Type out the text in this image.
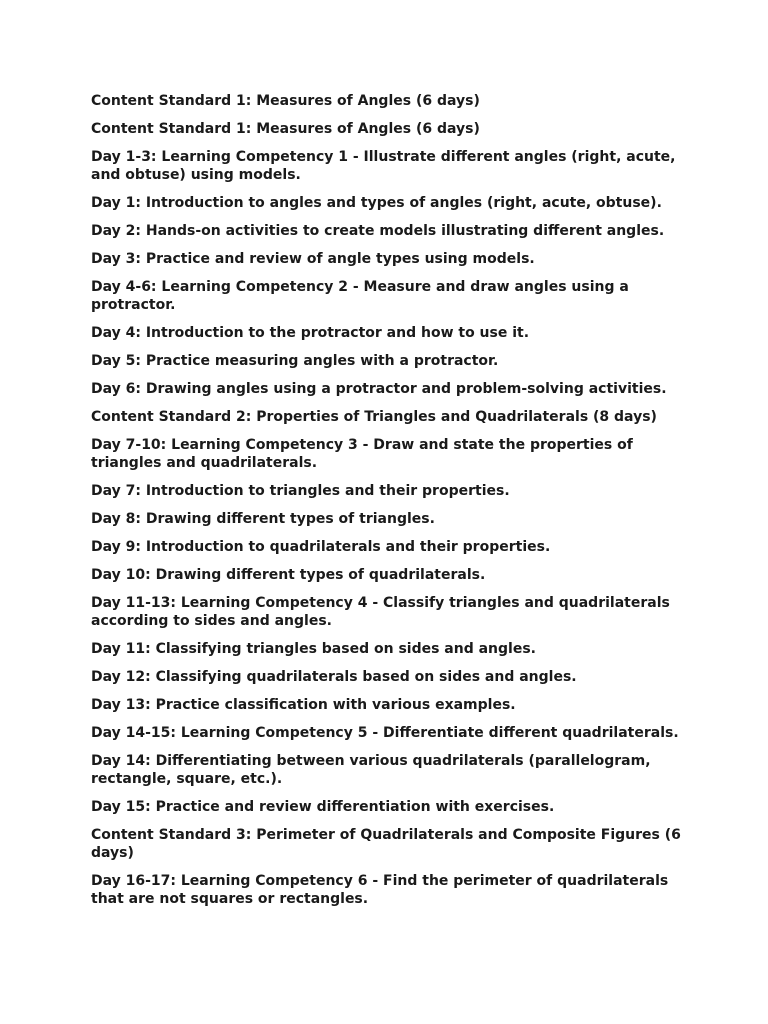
Content Standard 1: Measures of Angles (6 days)

Content Standard 1: Measures of Angles (6 days)

Day 1-3: Learning Competency 1 - Illustrate different angles (right, acute, and obtuse) using models.

Day 1: Introduction to angles and types of angles (right, acute, obtuse).

Day 2: Hands-on activities to create models illustrating different angles.

Day 3: Practice and review of angle types using models.

Day 4-6: Learning Competency 2 - Measure and draw angles using a protractor.

Day 4: Introduction to the protractor and how to use it.

Day 5: Practice measuring angles with a protractor.

Day 6: Drawing angles using a protractor and problem-solving activities.

Content Standard 2: Properties of Triangles and Quadrilaterals (8 days)

Day 7-10: Learning Competency 3 - Draw and state the properties of triangles and quadrilaterals.

Day 7: Introduction to triangles and their properties.

Day 8: Drawing different types of triangles.

Day 9: Introduction to quadrilaterals and their properties.

Day 10: Drawing different types of quadrilaterals.

Day 11-13: Learning Competency 4 - Classify triangles and quadrilaterals according to sides and angles.

Day 11: Classifying triangles based on sides and angles.

Day 12: Classifying quadrilaterals based on sides and angles.

Day 13: Practice classification with various examples.

Day 14-15: Learning Competency 5 - Differentiate different quadrilaterals.

Day 14: Differentiating between various quadrilaterals (parallelogram, rectangle, square, etc.).

Day 15: Practice and review differentiation with exercises.

Content Standard 3: Perimeter of Quadrilaterals and Composite Figures (6 days)

Day 16-17: Learning Competency 6 - Find the perimeter of quadrilaterals that are not squares or rectangles.
